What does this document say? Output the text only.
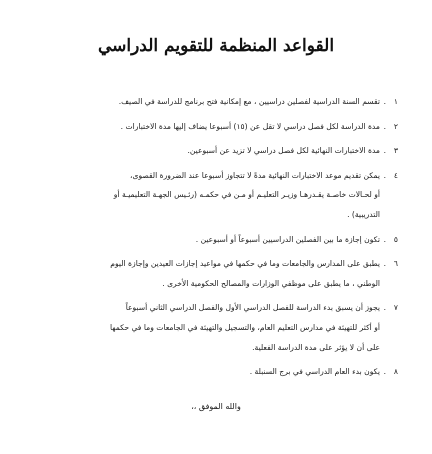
القواعد المنظمة للتقويم الدراسي
١
.
تقسم السنة الدراسية لفصلين دراسيين ، مع إمكانية فتح برنامج للدراسة في الصيف.
٢
.
مدة الدراسة لكل فصل دراسي لا تقل عن (١٥) أسبوعا يضاف إليها مدة الاختبارات .
٣
.
مدة الاختبارات النهائية لكل فصل دراسي لا تزيد عن أسبوعين.
٤
.
يمكن تقديم موعد الاختبارات النهائية مدةً لا تتجاوز أسبوعا عند الضرورة القصوى،
أو لحـالات خاصـة يقـدرهـا وزيـر التعليـم أو مـن في حكمـه (رئـيس الجهـة التعليميـة أو
التدريبية) .
٥
.
تكون إجازة ما بين الفصلين الدراسيين أسبوعاً أو أسبوعين .
٦
.
يطبق على المدارس والجامعات وما في حكمها في مواعيد إجازات العيدين وإجازة اليوم
الوطني ، ما يطبق على موظفي الوزارات والمصالح الحكومية الأخرى .
٧
.
يجوز أن يسبق بدء الدراسة للفصل الدراسي الأول والفصل الدراسي الثاني أسبوعاً
أو أكثر للتهيئة في مدارس التعليم العام، والتسجيل والتهيئة في الجامعات وما في حكمها
على أن لا يؤثر على مدة الدراسة الفعلية.
٨
.
يكون بدء العام الدراسي في برج السنبلة .
والله الموفق ،،
